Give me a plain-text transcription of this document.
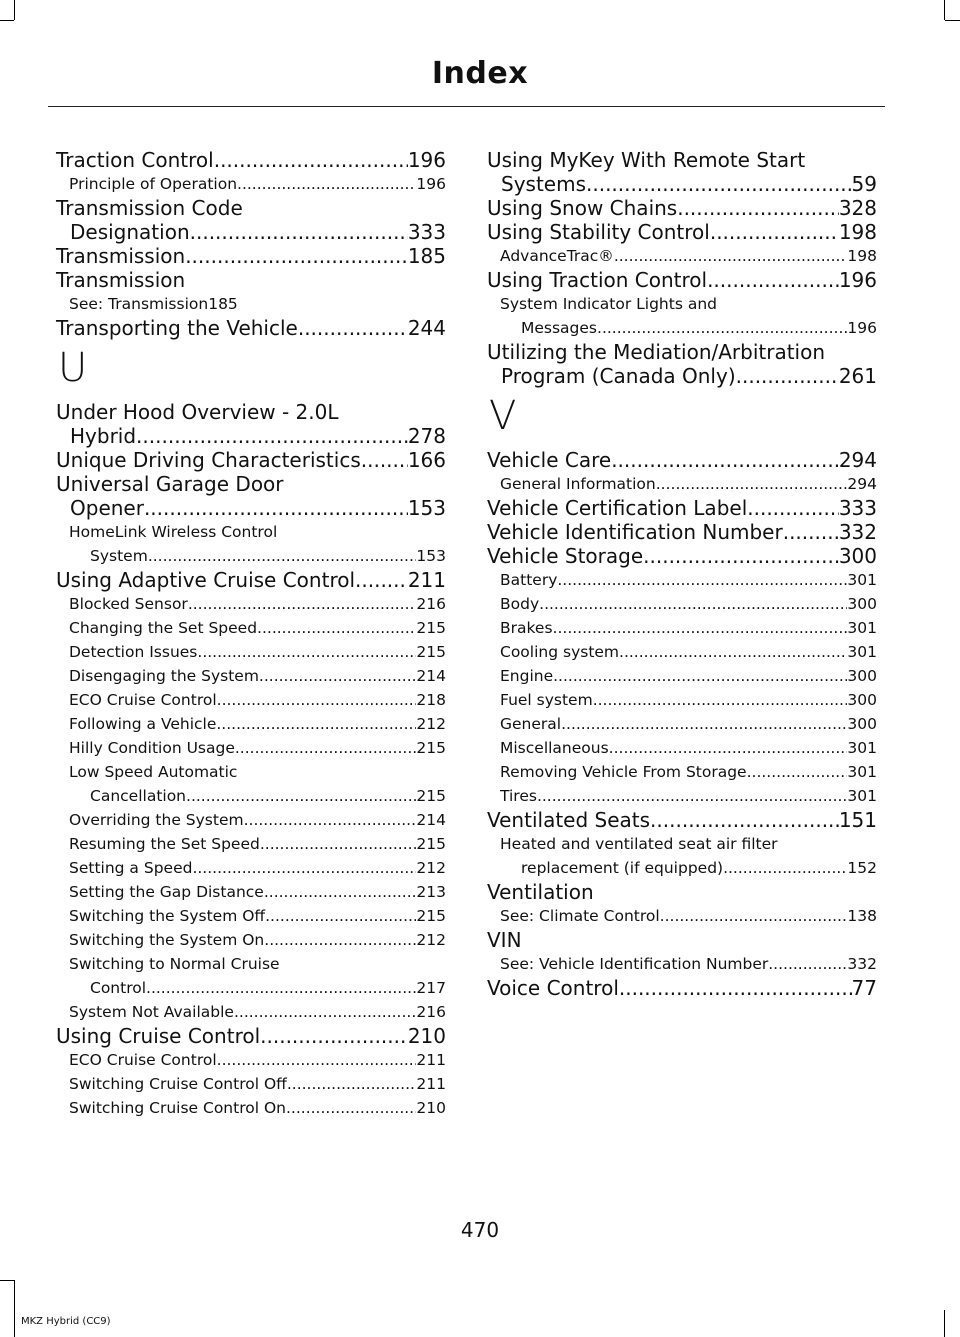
Index
Traction Control .....	196
Principle of Operation .....	196
Transmission Code
Designation .....	333
Transmission .....	185
Transmission
See: Transmission185
Transporting the Vehicle .....	244
U
Under Hood Overview - 2.0L
Hybrid .....	278
Unique Driving Characteristics ..... 166
Universal Garage Door
Opener .....	153
HomeLink Wireless Control
System .....	153
Using Adaptive Cruise Control .....	211
Blocked Sensor .....	216
Changing the Set Speed .....	215
Detection Issues .....	215
Disengaging the System .....	214
ECO Cruise Control .....	218
Following a Vehicle .....	212
Hilly Condition Usage .....	215
Low Speed Automatic
Cancellation .....	215
Overriding the System .....	214
Resuming the Set Speed .....	215
Setting a Speed .....	212
Setting the Gap Distance .....	213
Switching the System Off .....	215
Switching the System On .....	212
Switching to Normal Cruise
Control .....	217
System Not Available .....	216
Using Cruise Control .....	210
ECO Cruise Control .....	211
Switching Cruise Control Off .....	211
Switching Cruise Control On .....	210
Using MyKey With Remote Start
Systems .....	59
Using Snow Chains .....	328
Using Stability Control .....	198
AdvanceTrac® .....	198
Using Traction Control .....	196
System Indicator Lights and
Messages .....	196
Utilizing the Mediation/Arbitration
Program (Canada Only) .....	261
V
Vehicle Care .....	294
General Information .....	294
Vehicle Certification Label .....	333
Vehicle Identification Number .....	332
Vehicle Storage .....	300
Battery .....	301
Body .....	300
Brakes .....	301
Cooling system .....	301
Engine .....	300
Fuel system .....	300
General .....	300
Miscellaneous .....	301
Removing Vehicle From Storage .....	301
Tires .....	301
Ventilated Seats .....	151
Heated and ventilated seat air filter
replacement (if equipped) .....	152
Ventilation
See: Climate Control .....	138
VIN
See: Vehicle Identification Number .....	332
Voice Control .....	77
470
MKZ Hybrid (CC9)
